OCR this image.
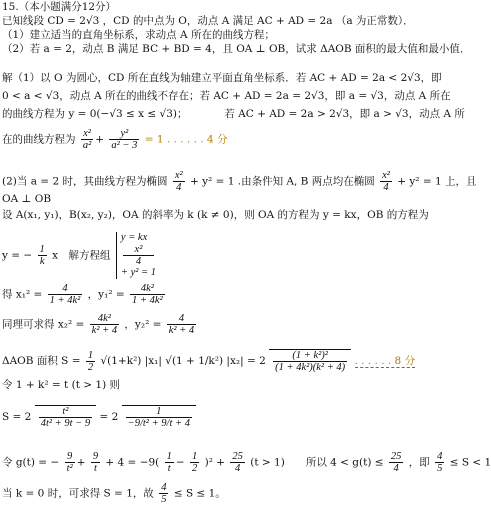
15.（本小题满分12分）
已知线段 CD = 2√3 ，CD 的中点为 O，动点 A 满足 AC + AD = 2a （a 为正常数）．
（1）建立适当的直角坐标系，求动点 A 所在的曲线方程；
（2）若 a = 2，动点 B 满足 BC + BD = 4，且 OA ⊥ OB，试求 ΔAOB 面积的最大值和最小值．
解（1）以 O 为圆心，CD 所在直线为轴建立平面直角坐标系．若 AC + AD = 2a < 2√3，即
0 < a < √3，动点 A 所在的曲线不存在；若 AC + AD = 2a = 2√3，即 a = √3，动点 A 所在
的曲线方程为 y = 0(−√3 ≤ x ≤ √3)；　　　　若 AC + AD = 2a > 2√3，即 a > √3，动点 A 所
在的曲线方程为 $\frac{\text{x²}}{\text{a²}} + \frac{\text{y²}}{\text{a² − 3}} = 1$ . . . . . . 4 分
(2)当 a = 2 时，其曲线方程为椭圆 $\frac{\text{x²}}{4} + y^2 = 1$ .由条件知 A, B 两点均在椭圆 $\frac{\text{x²}}{4} + y^2 = 1$ 上，且
OA ⊥ OB
设 A(x₁, y₁)，B(x₂, y₂)，OA 的斜率为 k (k ≠ 0)，则 OA 的方程为 y = kx，OB 的方程为
y = − $\frac{1}{k}$ x　解方程组
y = kx
x²
4
+ y² = 1
得 $x_1^2 = \frac{4}{\text{1 + 4k²}}$ ，$y_1^2 = \frac{\text{4k²}}{\text{1 + 4k²}}$
同理可求得 $x_2^2 = \frac{\text{4k²}}{\text{k² + 4}}$ ，$y_2^2 = \frac{4}{\text{k² + 4}}$
ΔAOB 面积 $S = \frac{1}{2} √(1+k^2)$ |x₁| √(1 + 1/k²) $|x_2| = 2 \frac{\text{(1 + k²)²}}{\text{(1 + 4k²)(k² + 4)}}$ . . . . . . 8 分
令 1 + k² = t (t > 1) 则
$S = 2 \frac{\text{t²}}{\text{4t² + 9t − 9}} = 2 \frac{1}{\text{−9/t² + 9/t + 4}}$
令 g(t) = − $\frac{9}{\text{t²}} + \frac{9}{t} + 4 = -9( \frac{1}{t} - \frac{1}{2} )^2 + \frac{25}{4} (t > 1)$　　所以 $4 < g(t) \le \frac{25}{4}$ ，即 $\frac{4}{5} \le S < 1$
当 k = 0 时，可求得 S = 1，故 $\frac{4}{5} \le S \le 1$。
